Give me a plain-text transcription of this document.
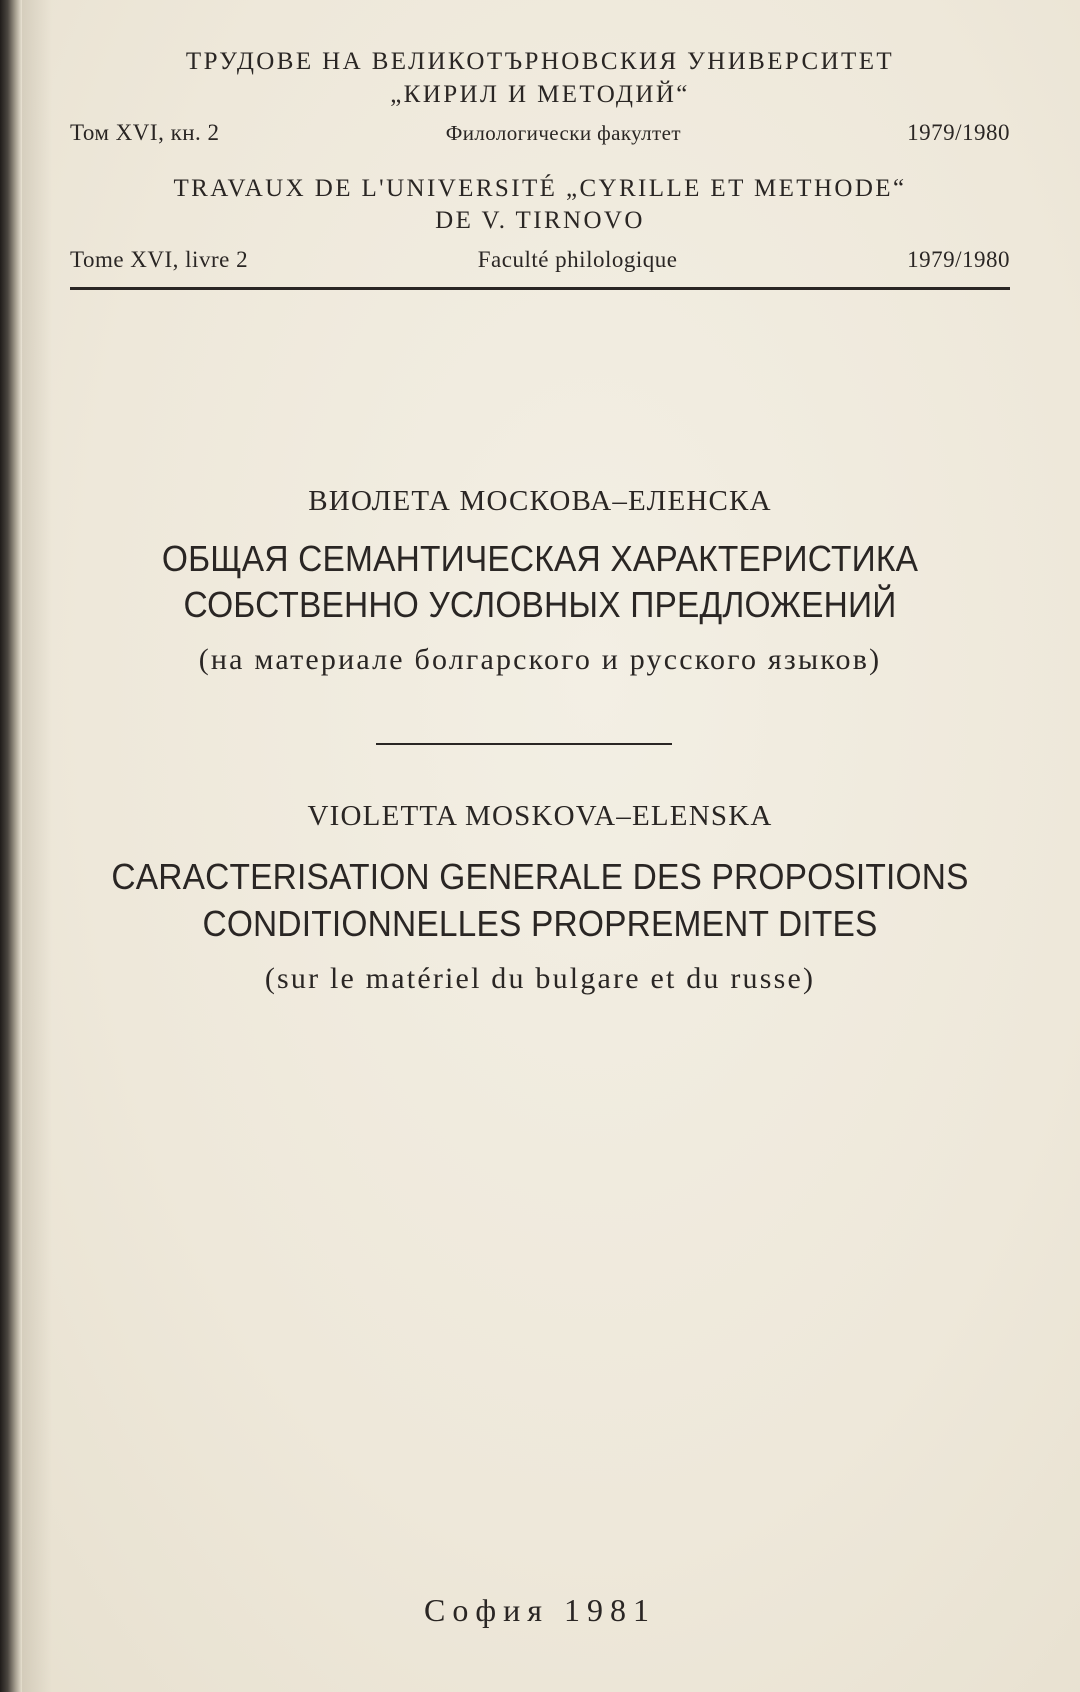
ТРУДОВЕ НА ВЕЛИКОТЪРНОВСКИЯ УНИВЕРСИТЕТ
„КИРИЛ И МЕТОДИЙ“
Том XVI, кн. 2	Филологически факултет	1979/1980
TRAVAUX DE L'UNIVERSITÉ „CYRILLE ET METHODE“
DE V. TIRNOVO
Tome XVI, livre 2	Faculté philologique	1979/1980
ВИОЛЕТА МОСКОВА–ЕЛЕНСКА
ОБЩАЯ СЕМАНТИЧЕСКАЯ ХАРАКТЕРИСТИКА
СОБСТВЕННО УСЛОВНЫХ ПРЕДЛОЖЕНИЙ
(на материале болгарского и русского языков)
VIOLETTA MOSKOVA–ELENSKA
CARACTERISATION GENERALE DES PROPOSITIONS
CONDITIONNELLES PROPREMENT DITES
(sur le matériel du bulgare et du russe)
София 1981
